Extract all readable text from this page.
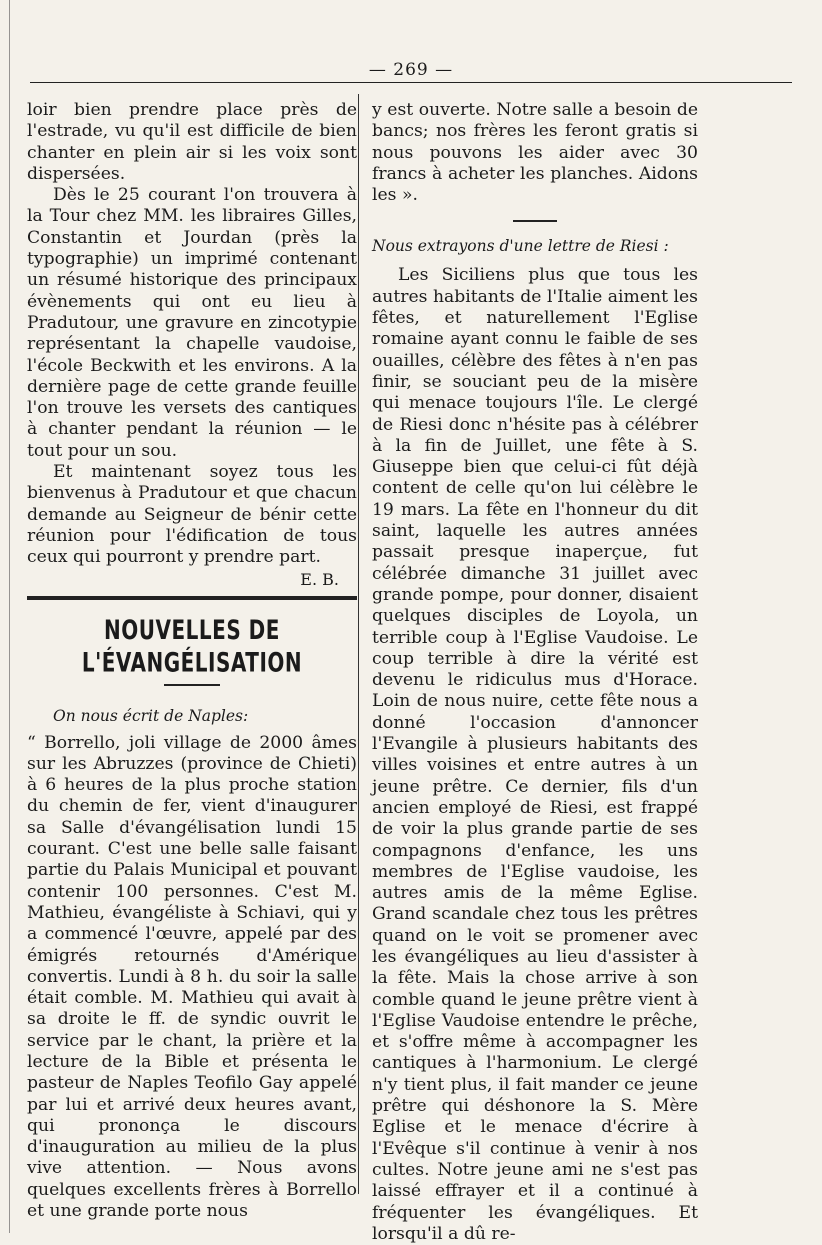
— 269 —

loir bien prendre place près de l'estrade, vu qu'il est difficile de bien chanter en plein air si les voix sont dispersées.

Dès le 25 courant l'on trouvera à la Tour chez MM. les libraires Gilles, Constantin et Jourdan (près la typographie) un imprimé contenant un résumé historique des principaux évènements qui ont eu lieu à Pradutour, une gravure en zincotypie représentant la chapelle vaudoise, l'école Beckwith et les environs. A la dernière page de cette grande feuille l'on trouve les versets des cantiques à chanter pendant la réunion — le tout pour un sou.

Et maintenant soyez tous les bienvenus à Pradutour et que chacun demande au Seigneur de bénir cette réunion pour l'édification de tous ceux qui pourront y prendre part.

E. B.
NOUVELLES DE L'ÉVANGÉLISATION
On nous écrit de Naples:

“ Borrello, joli village de 2000 âmes sur les Abruzzes (province de Chieti) à 6 heures de la plus proche station du chemin de fer, vient d'inaugurer sa Salle d'évangélisation lundi 15 courant. C'est une belle salle faisant partie du Palais Municipal et pouvant contenir 100 personnes. C'est M. Mathieu, évangéliste à Schiavi, qui y a commencé l'œuvre, appelé par des émigrés retournés d'Amérique convertis. Lundi à 8 h. du soir la salle était comble. M. Mathieu qui avait à sa droite le ff. de syndic ouvrit le service par le chant, la prière et la lecture de la Bible et présenta le pasteur de Naples Teofilo Gay appelé par lui et arrivé deux heures avant, qui prononça le discours d'inauguration au milieu de la plus vive attention. — Nous avons quelques excellents frères à Borrello et une grande porte nous

y est ouverte. Notre salle a besoin de bancs; nos frères les feront gratis si nous pouvons les aider avec 30 francs à acheter les planches. Aidons les ».

Nous extrayons d'une lettre de Riesi :

Les Siciliens plus que tous les autres habitants de l'Italie aiment les fêtes, et naturellement l'Eglise romaine ayant connu le faible de ses ouailles, célèbre des fêtes à n'en pas finir, se souciant peu de la misère qui menace toujours l'île. Le clergé de Riesi donc n'hésite pas à célébrer à la fin de Juillet, une fête à S. Giuseppe bien que celui-ci fût déjà content de celle qu'on lui célèbre le 19 mars. La fête en l'honneur du dit saint, laquelle les autres années passait presque inaperçue, fut célébrée dimanche 31 juillet avec grande pompe, pour donner, disaient quelques disciples de Loyola, un terrible coup à l'Eglise Vaudoise. Le coup terrible à dire la vérité est devenu le ridiculus mus d'Horace. Loin de nous nuire, cette fête nous a donné l'occasion d'annoncer l'Evangile à plusieurs habitants des villes voisines et entre autres à un jeune prêtre. Ce dernier, fils d'un ancien employé de Riesi, est frappé de voir la plus grande partie de ses compagnons d'enfance, les uns membres de l'Eglise vaudoise, les autres amis de la même Eglise. Grand scandale chez tous les prêtres quand on le voit se promener avec les évangéliques au lieu d'assister à la fête. Mais la chose arrive à son comble quand le jeune prêtre vient à l'Eglise Vaudoise entendre le prêche, et s'offre même à accompagner les cantiques à l'harmonium. Le clergé n'y tient plus, il fait mander ce jeune prêtre qui déshonore la S. Mère Eglise et le menace d'écrire à l'Evêque s'il continue à venir à nos cultes. Notre jeune ami ne s'est pas laissé effrayer et il a continué à fréquenter les évangéliques. Et lorsqu'il a dû re-
